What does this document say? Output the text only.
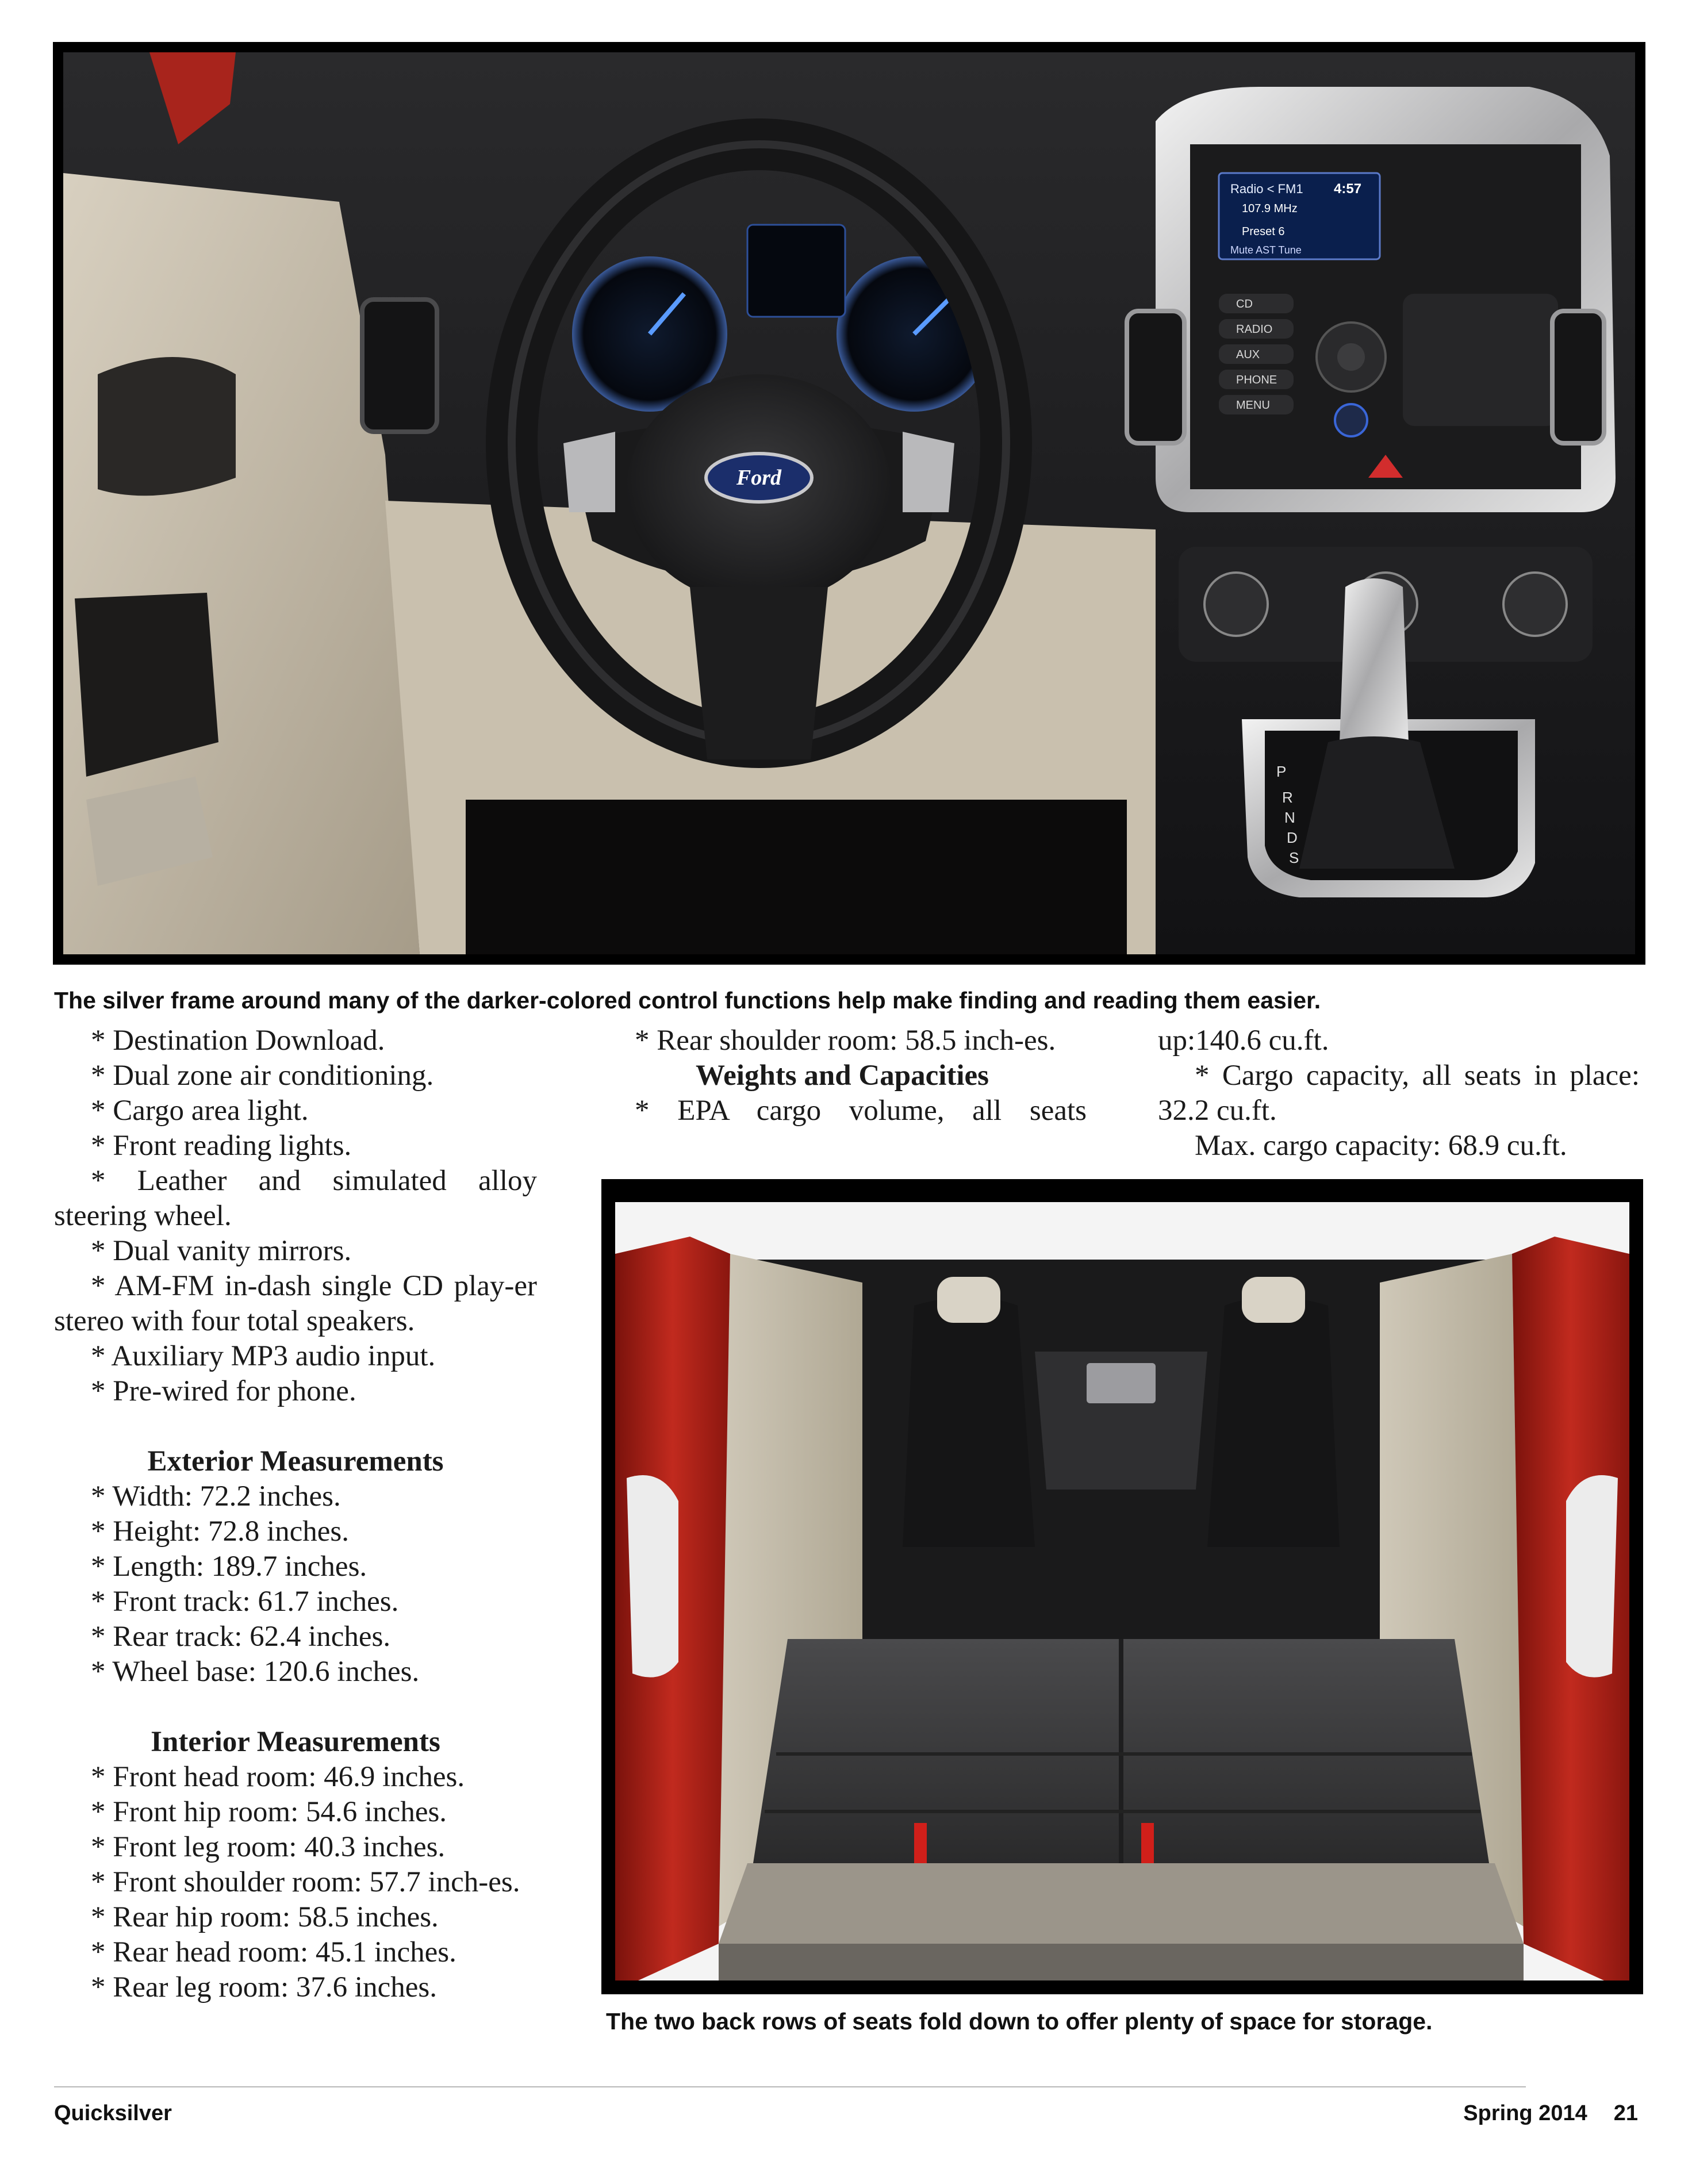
Radio < FM1 4:57
107.9 MHz
Preset 6
Mute AST Tune
CD
RADIO
AUX
PHONE
MENU
P
R
N
D
S
Ford
The silver frame around many of the darker-colored control functions help make finding and reading them easier.

* Destination Download.

* Dual zone air conditioning.

* Cargo area light.

* Front reading lights.

* Leather and simulated alloy steering wheel.

* Dual vanity mirrors.

* AM-FM in-dash single CD play-er stereo with four total speakers.

* Auxiliary MP3 audio input.

* Pre-wired for phone.

Exterior Measurements

* Width: 72.2 inches.

* Height: 72.8 inches.

* Length: 189.7 inches.

* Front track: 61.7 inches.

* Rear track: 62.4 inches.

* Wheel base: 120.6 inches.

Interior Measurements

* Front head room: 46.9 inches.

* Front hip room: 54.6 inches.

* Front leg room: 40.3 inches.

* Front shoulder room: 57.7 inch-es.

* Rear hip room: 58.5 inches.

* Rear head room: 45.1 inches.

* Rear leg room: 37.6 inches.

* Rear shoulder room: 58.5 inch-es.

Weights and Capacities

* EPA cargo volume, all seats

up:140.6 cu.ft.

* Cargo capacity, all seats in place: 32.2 cu.ft.

Max. cargo capacity: 68.9 cu.ft.

The two back rows of seats fold down to offer plenty of space for storage.
Quicksilver	Spring 2014 21
